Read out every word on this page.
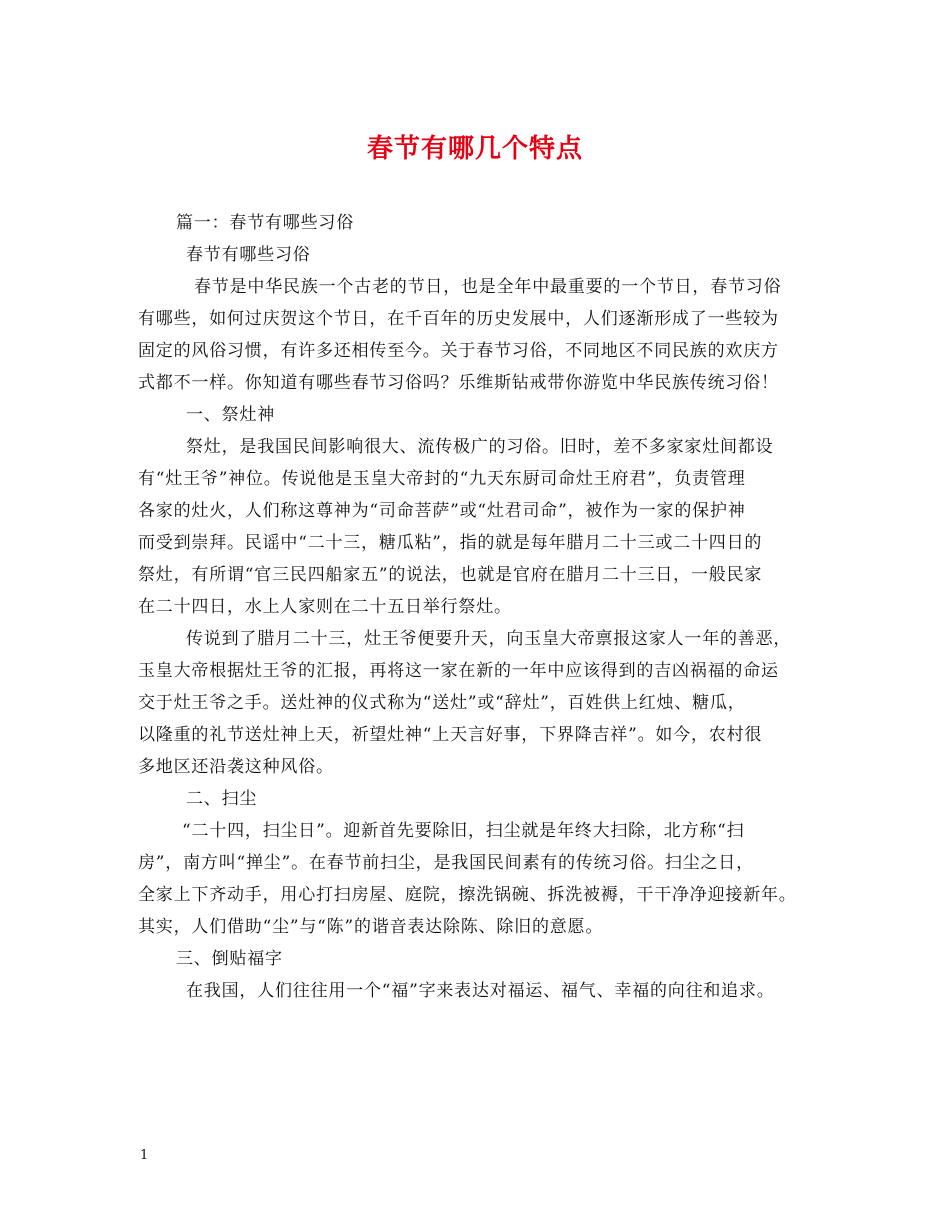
春节有哪几个特点
篇一：春节有哪些习俗
春节有哪些习俗
春节是中华民族一个古老的节日，也是全年中最重要的一个节日，春节习俗
有哪些，如何过庆贺这个节日，在千百年的历史发展中，人们逐渐形成了一些较为
固定的风俗习惯，有许多还相传至今。关于春节习俗，不同地区不同民族的欢庆方
式都不一样。你知道有哪些春节习俗吗？乐维斯钻戒带你游览中华民族传统习俗！
一、祭灶神
祭灶，是我国民间影响很大、流传极广的习俗。旧时，差不多家家灶间都设
有“灶王爷”神位。传说他是玉皇大帝封的“九天东厨司命灶王府君”，负责管理
各家的灶火，人们称这尊神为“司命菩萨”或“灶君司命”，被作为一家的保护神
而受到崇拜。民谣中“二十三，糖瓜粘”，指的就是每年腊月二十三或二十四日的
祭灶，有所谓“官三民四船家五”的说法，也就是官府在腊月二十三日，一般民家
在二十四日，水上人家则在二十五日举行祭灶。
传说到了腊月二十三，灶王爷便要升天，向玉皇大帝禀报这家人一年的善恶，
玉皇大帝根据灶王爷的汇报，再将这一家在新的一年中应该得到的吉凶祸福的命运
交于灶王爷之手。送灶神的仪式称为“送灶”或“辞灶”，百姓供上红烛、糖瓜，
以隆重的礼节送灶神上天，祈望灶神“上天言好事，下界降吉祥”。如今，农村很
多地区还沿袭这种风俗。
二、扫尘
“二十四，扫尘日”。迎新首先要除旧，扫尘就是年终大扫除，北方称“扫
房”，南方叫“掸尘”。在春节前扫尘，是我国民间素有的传统习俗。扫尘之日，
全家上下齐动手，用心打扫房屋、庭院，擦洗锅碗、拆洗被褥，干干净净迎接新年。
其实，人们借助“尘”与“陈”的谐音表达除陈、除旧的意愿。
三、倒贴福字
在我国，人们往往用一个“福”字来表达对福运、福气、幸福的向往和追求。
1
